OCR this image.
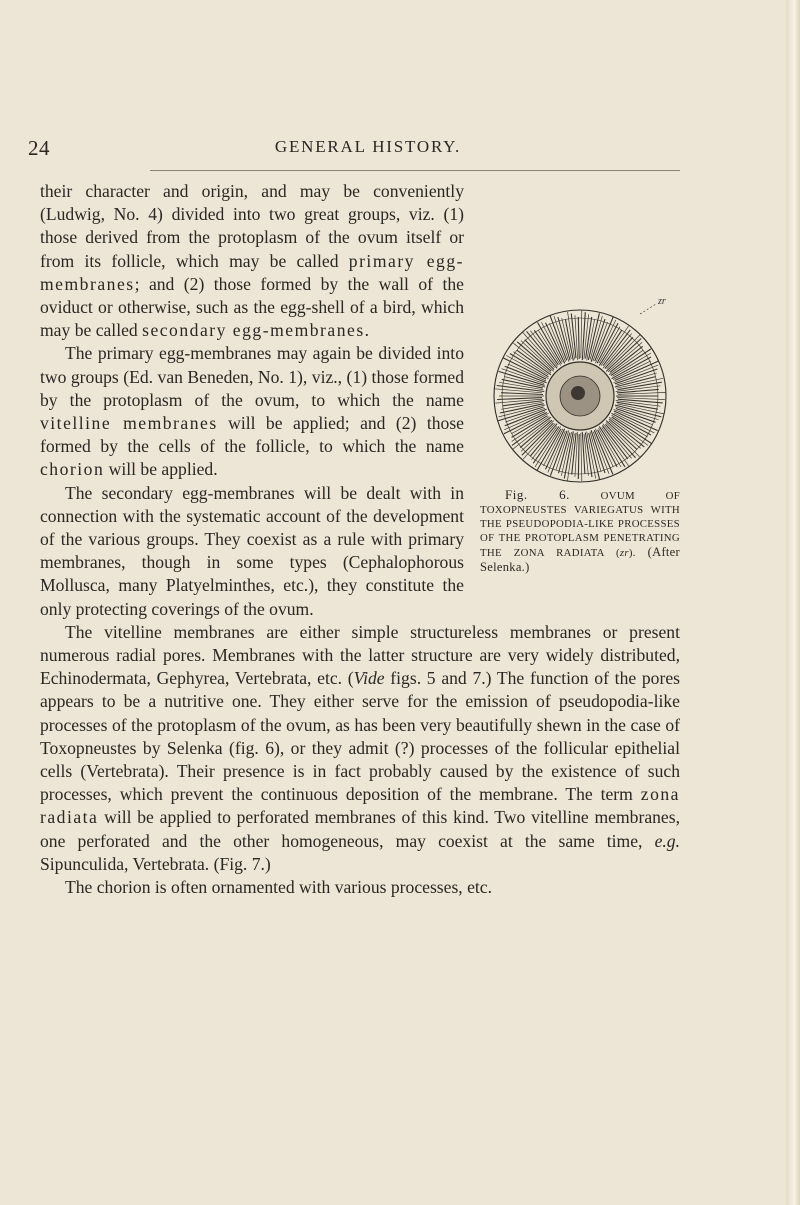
24	GENERAL HISTORY.
zr

Fig. 6.	OVUM OF TOXOPNEUSTES VARIEGATUS WITH THE PSEUDOPODIA-LIKE PROCESSES OF THE PROTOPLASM PENETRATING THE ZONA RADIATA (zr). (After Selenka.)

their character and origin, and may be conveniently (Ludwig, No. 4) divided into two great groups, viz. (1) those derived from the protoplasm of the ovum itself or from its follicle, which may be called primary egg-membranes; and (2) those formed by the wall of the oviduct or otherwise, such as the egg-shell of a bird, which may be called secondary egg-membranes.

The primary egg-membranes may again be divided into two groups (Ed. van Beneden, No. 1), viz., (1) those formed by the protoplasm of the ovum, to which the name vitelline membranes will be applied; and (2) those formed by the cells of the follicle, to which the name chorion will be applied.

The secondary egg-membranes will be dealt with in connection with the systematic account of the development of the various groups. They coexist as a rule with primary membranes, though in some types (Cephalophorous Mollusca, many Platyelminthes, etc.), they constitute the only protecting coverings of the ovum.

The vitelline membranes are either simple structureless membranes or present numerous radial pores. Membranes with the latter structure are very widely distributed, Echinodermata, Gephyrea, Vertebrata, etc. (Vide figs. 5 and 7.) The function of the pores appears to be a nutritive one. They either serve for the emission of pseudopodia-like processes of the protoplasm of the ovum, as has been very beautifully shewn in the case of Toxopneustes by Selenka (fig. 6), or they admit (?) processes of the follicular epithelial cells (Vertebrata). Their presence is in fact probably caused by the existence of such processes, which prevent the continuous deposition of the membrane. The term zona radiata will be applied to perforated membranes of this kind. Two vitelline membranes, one perforated and the other homogeneous, may coexist at the same time, e.g. Sipunculida, Vertebrata. (Fig. 7.)

The chorion is often ornamented with various processes, etc.
